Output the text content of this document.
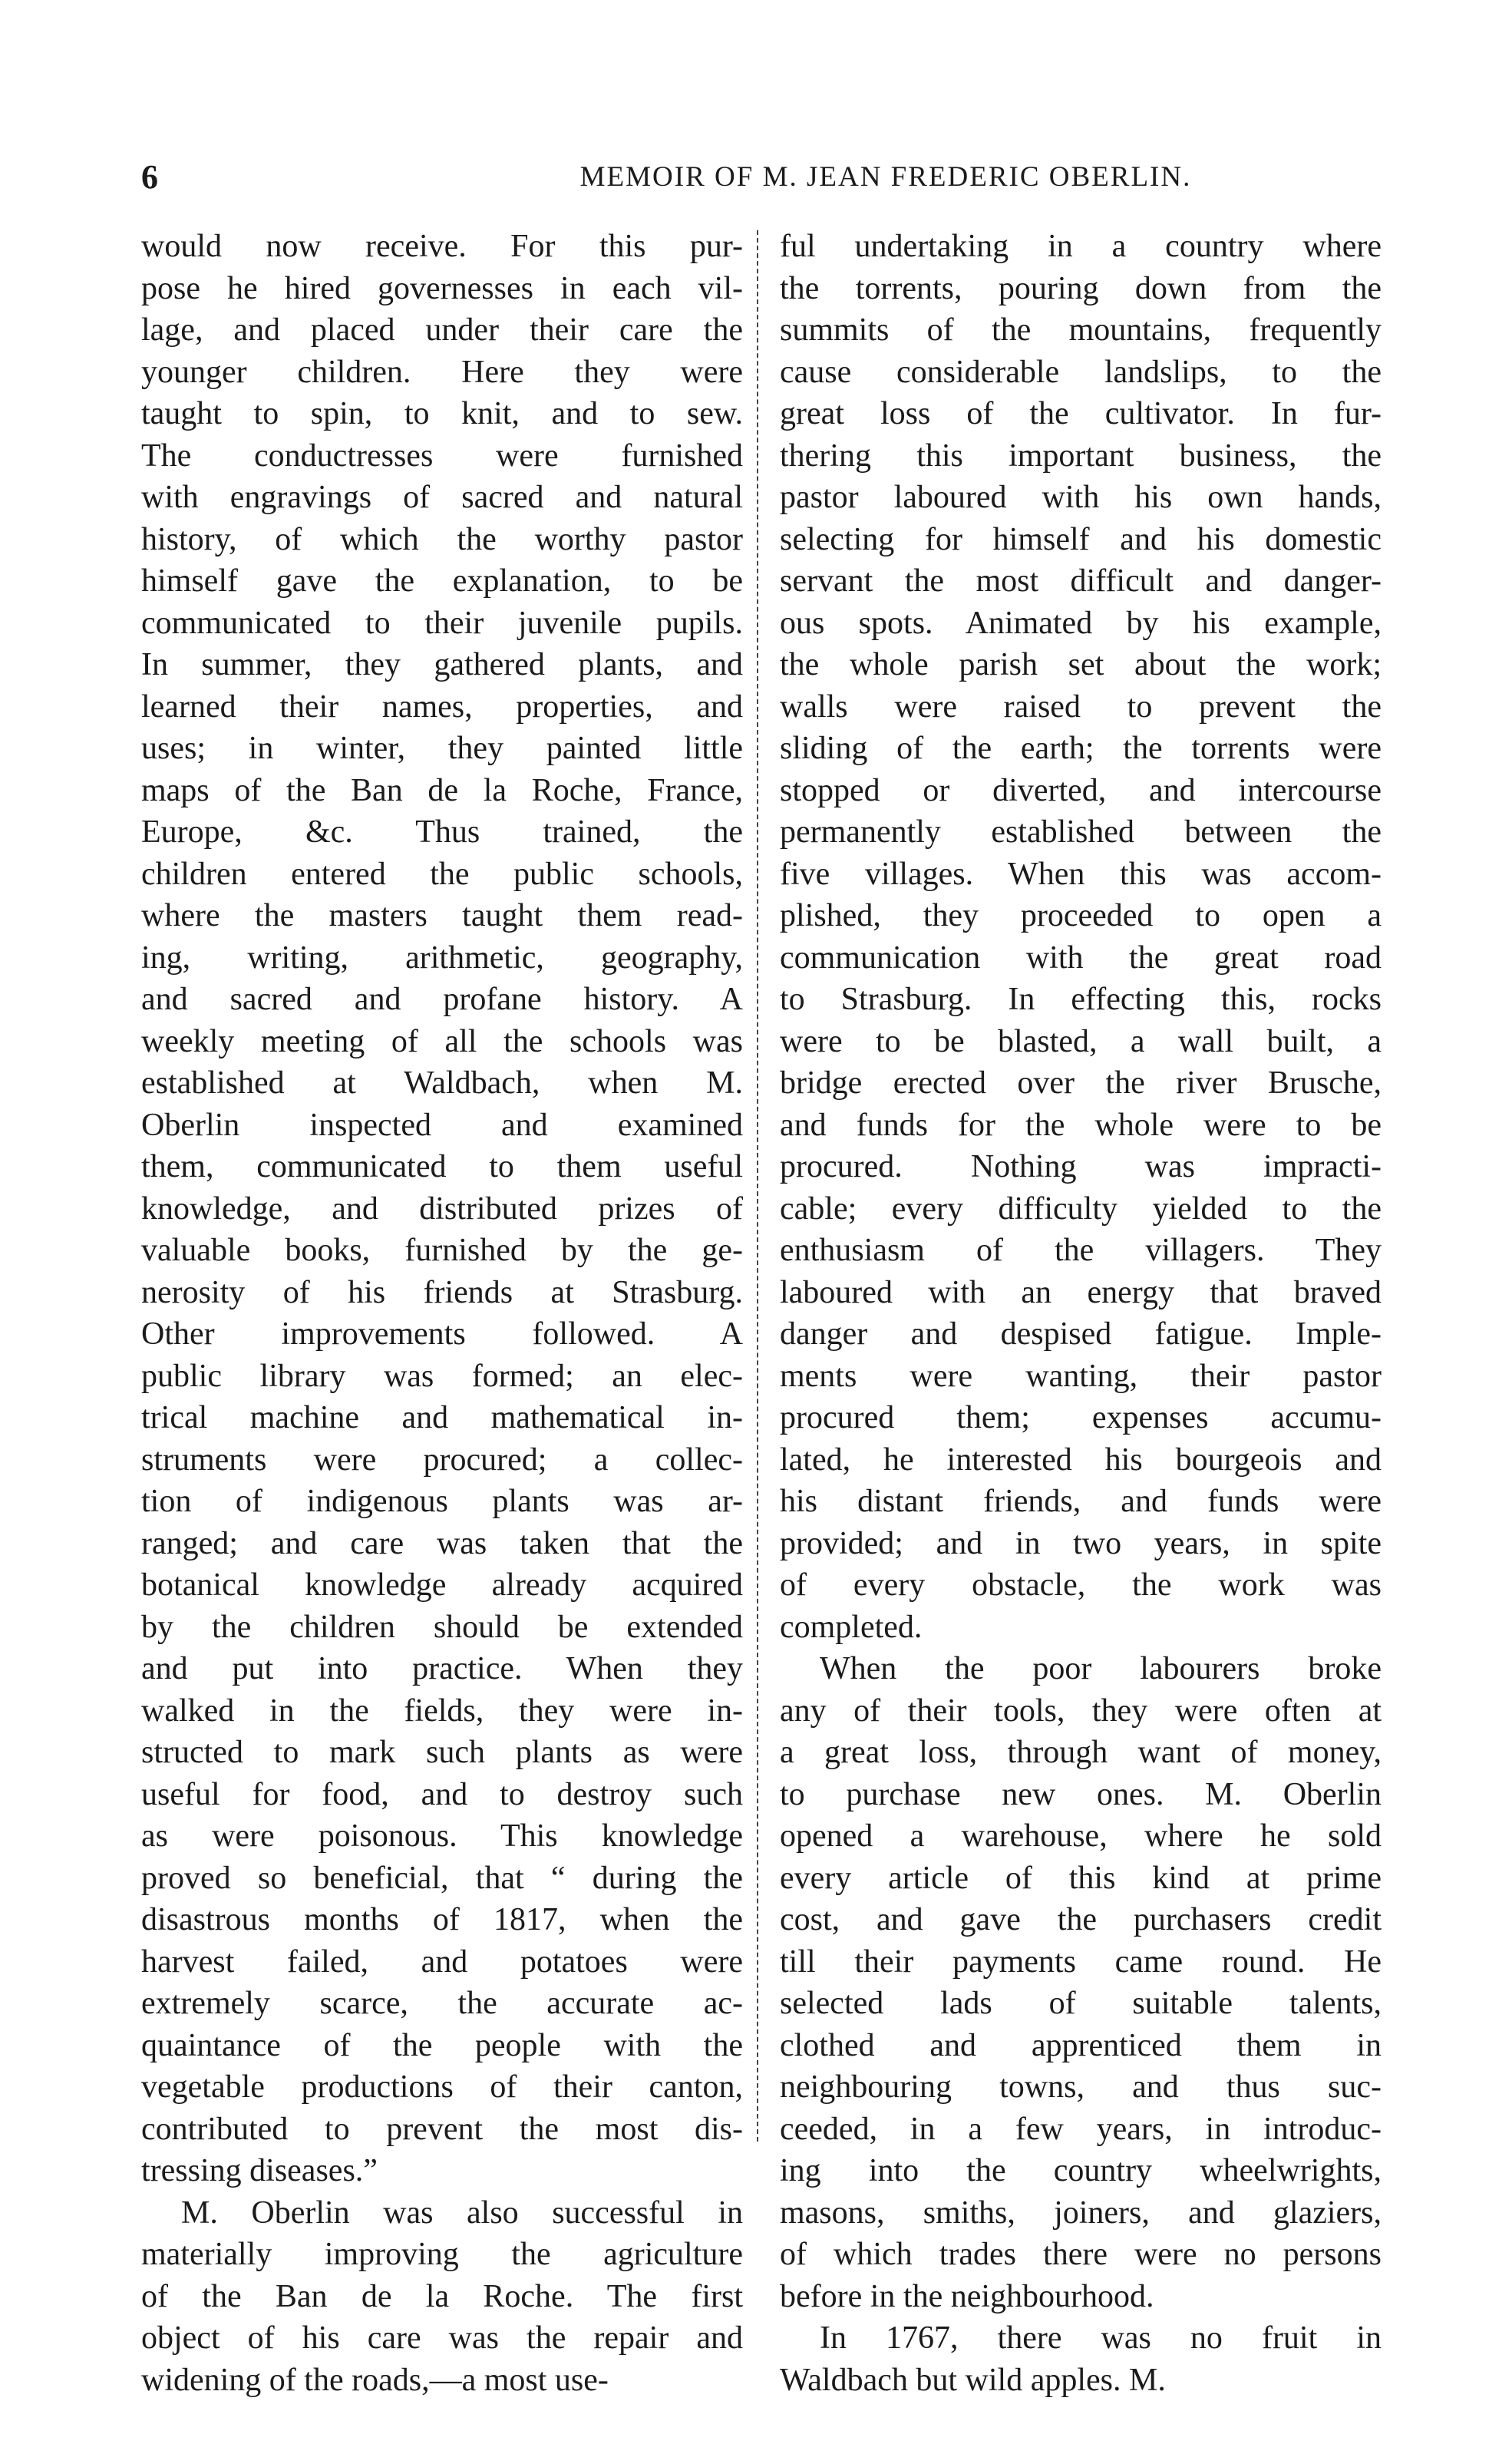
6	MEMOIR OF M. JEAN FREDERIC OBERLIN.
would now receive. For this pur-
pose he hired governesses in each vil-
lage, and placed under their care the
younger children. Here they were
taught to spin, to knit, and to sew.
The conductresses were furnished
with engravings of sacred and natural
history, of which the worthy pastor
himself gave the explanation, to be
communicated to their juvenile pupils.
In summer, they gathered plants, and
learned their names, properties, and
uses; in winter, they painted little
maps of the Ban de la Roche, France,
Europe, &c. Thus trained, the
children entered the public schools,
where the masters taught them read-
ing, writing, arithmetic, geography,
and sacred and profane history. A
weekly meeting of all the schools was
established at Waldbach, when M.
Oberlin inspected and examined
them, communicated to them useful
knowledge, and distributed prizes of
valuable books, furnished by the ge-
nerosity of his friends at Strasburg.
Other improvements followed. A
public library was formed; an elec-
trical machine and mathematical in-
struments were procured; a collec-
tion of indigenous plants was ar-
ranged; and care was taken that the
botanical knowledge already acquired
by the children should be extended
and put into practice. When they
walked in the fields, they were in-
structed to mark such plants as were
useful for food, and to destroy such
as were poisonous. This knowledge
proved so beneficial, that “ during the
disastrous months of 1817, when the
harvest failed, and potatoes were
extremely scarce, the accurate ac-
quaintance of the people with the
vegetable productions of their canton,
contributed to prevent the most dis-
tressing diseases.”
M. Oberlin was also successful in
materially improving the agriculture
of the Ban de la Roche. The first
object of his care was the repair and
widening of the roads,—a most use-
ful undertaking in a country where
the torrents, pouring down from the
summits of the mountains, frequently
cause considerable landslips, to the
great loss of the cultivator. In fur-
thering this important business, the
pastor laboured with his own hands,
selecting for himself and his domestic
servant the most difficult and danger-
ous spots. Animated by his example,
the whole parish set about the work;
walls were raised to prevent the
sliding of the earth; the torrents were
stopped or diverted, and intercourse
permanently established between the
five villages. When this was accom-
plished, they proceeded to open a
communication with the great road
to Strasburg. In effecting this, rocks
were to be blasted, a wall built, a
bridge erected over the river Brusche,
and funds for the whole were to be
procured. Nothing was impracti-
cable; every difficulty yielded to the
enthusiasm of the villagers. They
laboured with an energy that braved
danger and despised fatigue. Imple-
ments were wanting, their pastor
procured them; expenses accumu-
lated, he interested his bourgeois and
his distant friends, and funds were
provided; and in two years, in spite
of every obstacle, the work was
completed.
When the poor labourers broke
any of their tools, they were often at
a great loss, through want of money,
to purchase new ones. M. Oberlin
opened a warehouse, where he sold
every article of this kind at prime
cost, and gave the purchasers credit
till their payments came round. He
selected lads of suitable talents,
clothed and apprenticed them in
neighbouring towns, and thus suc-
ceeded, in a few years, in introduc-
ing into the country wheelwrights,
masons, smiths, joiners, and glaziers,
of which trades there were no persons
before in the neighbourhood.
In 1767, there was no fruit in
Waldbach but wild apples. M.
